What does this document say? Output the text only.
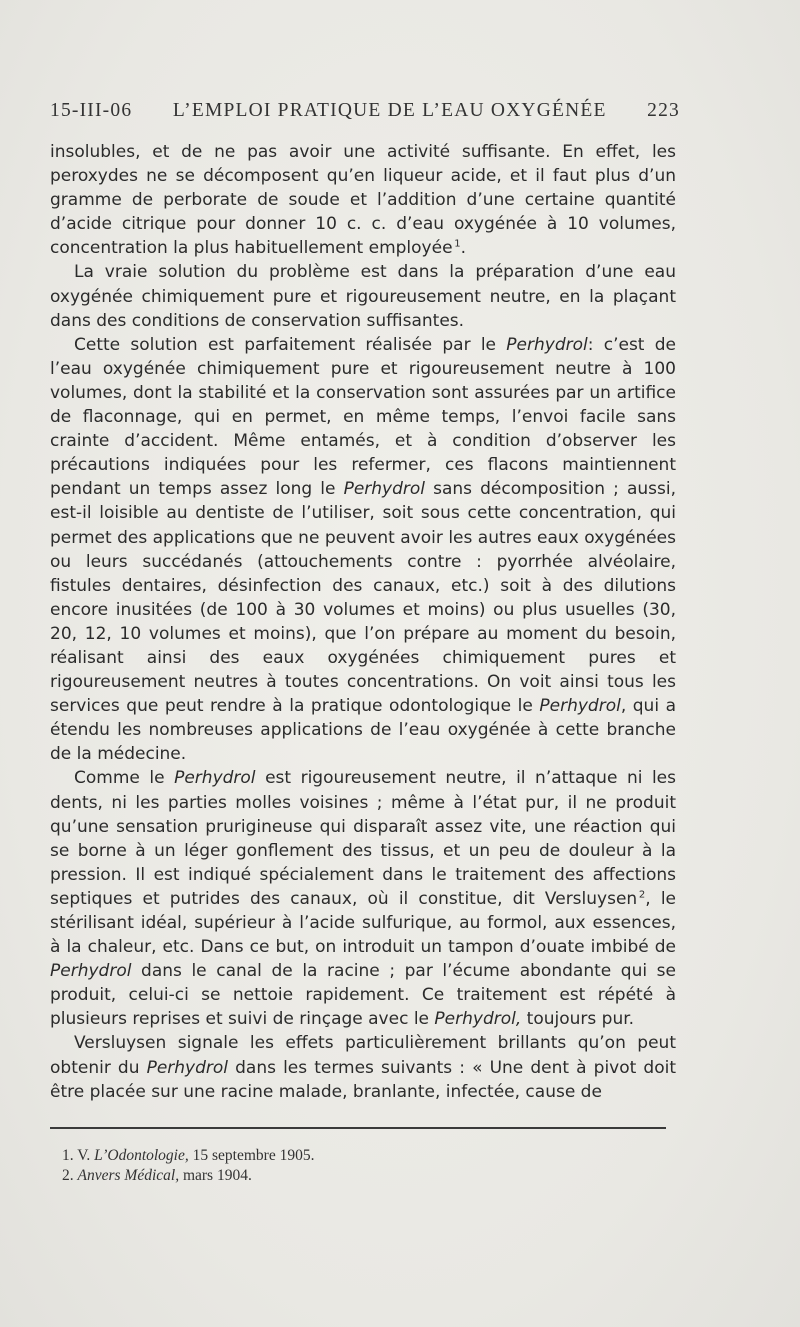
15-III-06 L’EMPLOI PRATIQUE DE L’EAU OXYGÉNÉE 223

insolubles, et de ne pas avoir une activité suffisante. En effet, les peroxydes ne se décomposent qu’en liqueur acide, et il faut plus d’un gramme de perborate de soude et l’addition d’une certaine quantité d’acide citrique pour donner 10 c. c. d’eau oxygénée à 10 volumes, concentration la plus habituellement employée  $^1$.

La vraie solution du problème est dans la préparation d’une eau oxygénée chimiquement pure et rigoureusement neutre, en la plaçant dans des conditions de conservation suffisantes.

Cette solution est parfaitement réalisée par le Perhydrol: c’est de l’eau oxygénée chimiquement pure et rigoureusement neutre à 100 volumes, dont la stabilité et la conservation sont assurées par un artifice de flaconnage, qui en permet, en même temps, l’envoi facile sans crainte d’accident. Même entamés, et à condition d’observer les précautions indiquées pour les refermer, ces flacons maintiennent pendant un temps assez long le Perhydrol sans décomposition ; aussi, est-il loisible au dentiste de l’utiliser, soit sous cette concentration, qui permet des applications que ne peuvent avoir les autres eaux oxygénées ou leurs succédanés (attouchements contre : pyorrhée alvéolaire, fistules dentaires, désinfection des canaux, etc.) soit à des dilutions encore inusitées (de 100 à 30 volumes et moins) ou plus usuelles (30, 20, 12, 10 volumes et moins), que l’on prépare au moment du besoin, réalisant ainsi des eaux oxygénées chimiquement pures et rigoureusement neutres à toutes concentrations. On voit ainsi tous les services que peut rendre à la pratique odontologique le Perhydrol, qui a étendu les nombreuses applications de l’eau oxygénée à cette branche de la médecine.

Comme le Perhydrol est rigoureusement neutre, il n’attaque ni les dents, ni les parties molles voisines ; même à l’état pur, il ne produit qu’une sensation prurigineuse qui disparaît assez vite, une réaction qui se borne à un léger gonflement des tissus, et un peu de douleur à la pression. Il est indiqué spécialement dans le traitement des affections septiques et putrides des canaux, où il constitue, dit Versluysen  $^2$, le stérilisant idéal, supérieur à l’acide sulfurique, au formol, aux essences, à la chaleur, etc. Dans ce but, on introduit un tampon d’ouate imbibé de Perhydrol dans le canal de la racine ; par l’écume abondante qui se produit, celui-ci se nettoie rapidement. Ce traitement est répété à plusieurs reprises et suivi de rinçage avec le Perhydrol, toujours pur.

Versluysen signale les effets particulièrement brillants qu’on peut obtenir du Perhydrol dans les termes suivants : « Une dent à pivot doit être placée sur une racine malade, branlante, infectée, cause de

1. V. L’Odontologie, 15 septembre 1905.
2. Anvers Médical, mars 1904.
